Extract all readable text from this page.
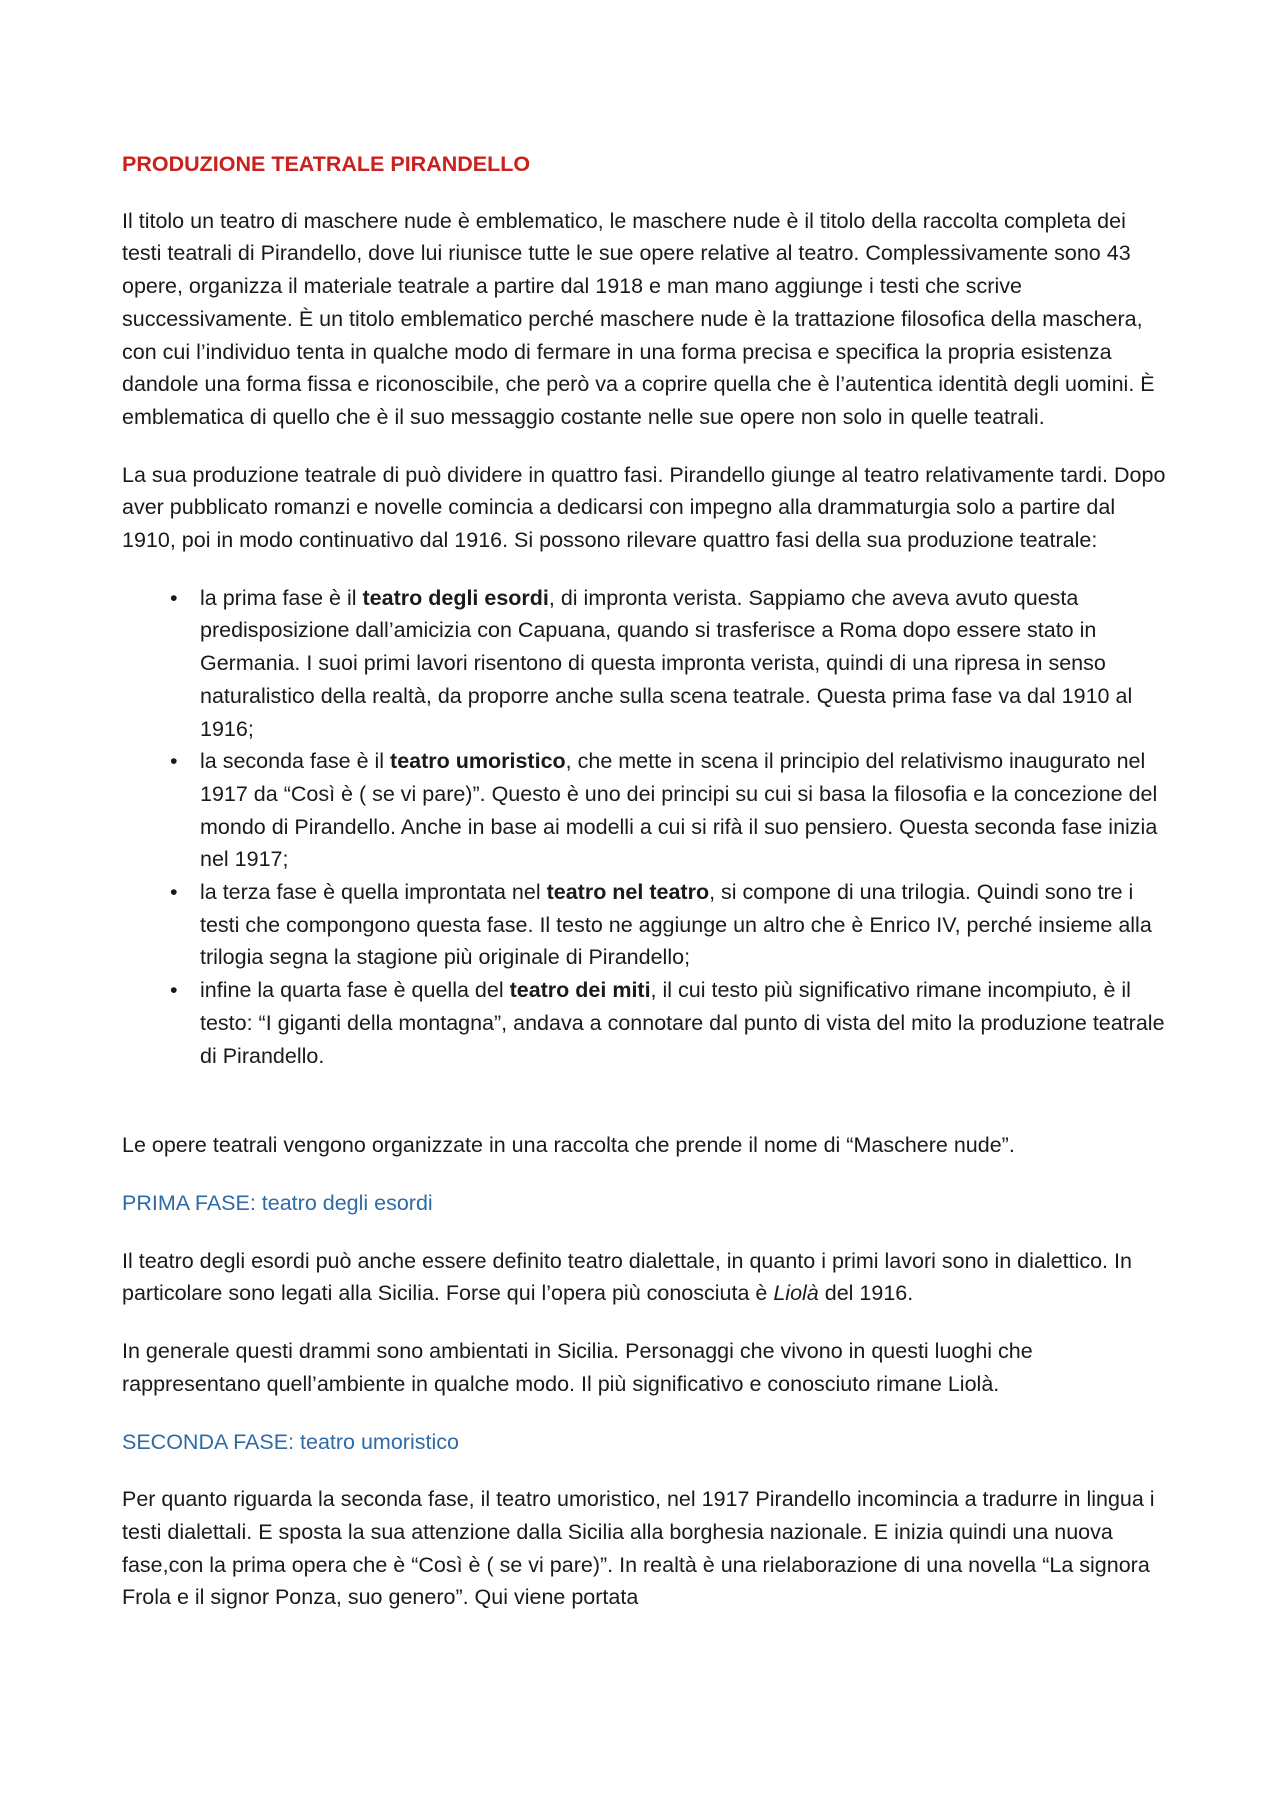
PRODUZIONE TEATRALE PIRANDELLO

Il titolo un teatro di maschere nude è emblematico, le maschere nude è il titolo della raccolta completa dei testi teatrali di Pirandello, dove lui riunisce tutte le sue opere relative al teatro. Complessivamente sono 43 opere, organizza il materiale teatrale a partire dal 1918 e man mano aggiunge i testi che scrive successivamente. È un titolo emblematico perché maschere nude è la trattazione filosofica della maschera, con cui l’individuo tenta in qualche modo di fermare in una forma precisa e specifica la propria esistenza dandole una forma fissa e riconoscibile, che però va a coprire quella che è l’autentica identità degli uomini. È emblematica di quello che è il suo messaggio costante nelle sue opere non solo in quelle teatrali.

La sua produzione teatrale di può dividere in quattro fasi. Pirandello giunge al teatro relativamente tardi. Dopo aver pubblicato romanzi e novelle comincia a dedicarsi con impegno alla drammaturgia solo a partire dal 1910, poi in modo continuativo dal 1916. Si possono rilevare quattro fasi della sua produzione teatrale:

• la prima fase è il teatro degli esordi, di impronta verista. Sappiamo che aveva avuto questa predisposizione dall’amicizia con Capuana, quando si trasferisce a Roma dopo essere stato in Germania. I suoi primi lavori risentono di questa impronta verista, quindi di una ripresa in senso naturalistico della realtà, da proporre anche sulla scena teatrale. Questa prima fase va dal 1910 al 1916;
• la seconda fase è il teatro umoristico, che mette in scena il principio del relativismo inaugurato nel 1917 da “Così è ( se vi pare)”. Questo è uno dei principi su cui si basa la filosofia e la concezione del mondo di Pirandello. Anche in base ai modelli a cui si rifà il suo pensiero. Questa seconda fase inizia nel 1917;
• la terza fase è quella improntata nel teatro nel teatro, si compone di una trilogia. Quindi sono tre i testi che compongono questa fase. Il testo ne aggiunge un altro che è Enrico IV, perché insieme alla trilogia segna la stagione più originale di Pirandello;
• infine la quarta fase è quella del teatro dei miti, il cui testo più significativo rimane incompiuto, è il testo: “I giganti della montagna”, andava a connotare dal punto di vista del mito la produzione teatrale di Pirandello.

Le opere teatrali vengono organizzate in una raccolta che prende il nome di “Maschere nude”.

PRIMA FASE: teatro degli esordi

Il teatro degli esordi può anche essere definito teatro dialettale, in quanto i primi lavori sono in dialettico. In particolare sono legati alla Sicilia. Forse qui l’opera più conosciuta è Liolà del 1916.

In generale questi drammi sono ambientati in Sicilia. Personaggi che vivono in questi luoghi che rappresentano quell’ambiente in qualche modo. Il più significativo e conosciuto rimane Liolà.

SECONDA FASE: teatro umoristico

Per quanto riguarda la seconda fase, il teatro umoristico, nel 1917 Pirandello incomincia a tradurre in lingua i testi dialettali. E sposta la sua attenzione dalla Sicilia alla borghesia nazionale. E inizia quindi una nuova fase,con la prima opera che è “Così è ( se vi pare)”. In realtà è una rielaborazione di una novella “La signora Frola e il signor Ponza, suo genero”. Qui viene portata
